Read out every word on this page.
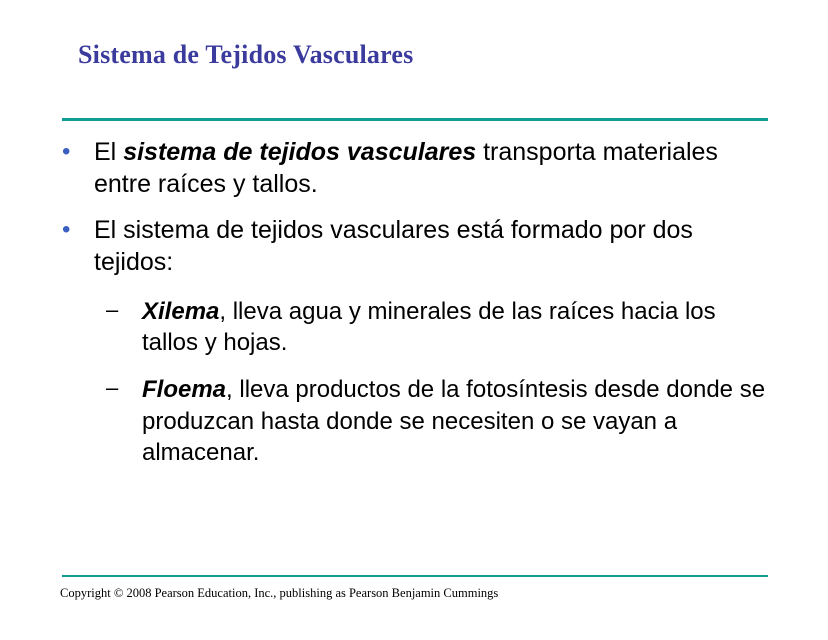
Sistema de Tejidos Vasculares
• El sistema de tejidos vasculares transporta materiales entre raíces y tallos.
• El sistema de tejidos vasculares está formado por dos tejidos:
– Xilema, lleva agua y minerales de las raíces hacia los tallos y hojas.
– Floema, lleva productos de la fotosíntesis desde donde se produzcan hasta donde se necesiten o se vayan a almacenar.
Copyright © 2008 Pearson Education, Inc., publishing as Pearson Benjamin Cummings
